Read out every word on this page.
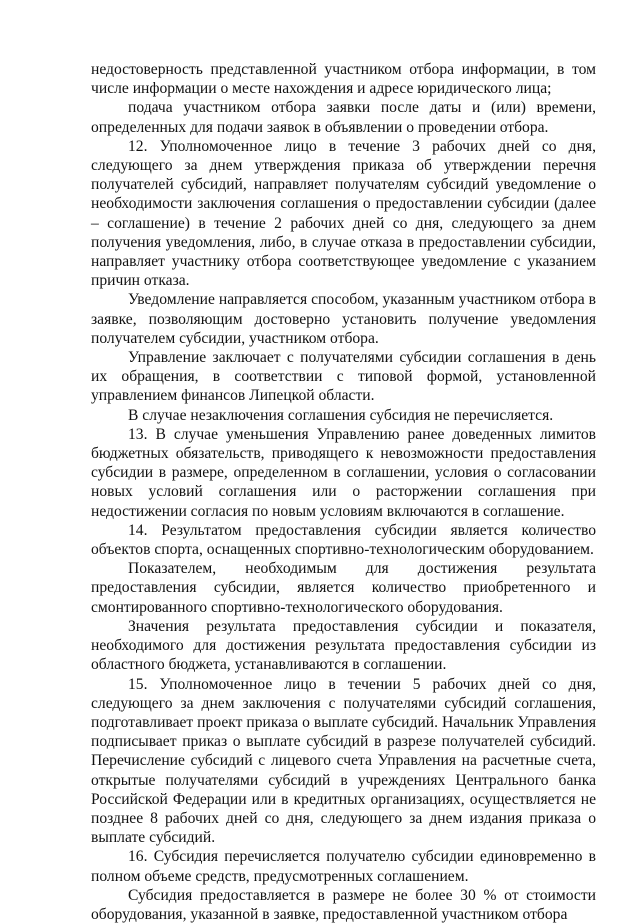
недостоверность представленной участником отбора информации, в том числе информации о месте нахождения и адресе юридического лица;

подача участником отбора заявки после даты и (или) времени, определенных для подачи заявок в объявлении о проведении отбора.

12. Уполномоченное лицо в течение 3 рабочих дней со дня, следующего за днем утверждения приказа об утверждении перечня получателей субсидий, направляет получателям субсидий уведомление о необходимости заключения соглашения о предоставлении субсидии (далее – соглашение) в течение 2 рабочих дней со дня, следующего за днем получения уведомления, либо, в случае отказа в предоставлении субсидии, направляет участнику отбора соответствующее уведомление с указанием причин отказа.

Уведомление направляется способом, указанным участником отбора в заявке, позволяющим достоверно установить получение уведомления получателем субсидии, участником отбора.

Управление заключает с получателями субсидии соглашения в день их обращения, в соответствии с типовой формой, установленной управлением финансов Липецкой области.

В случае незаключения соглашения субсидия не перечисляется.

13. В случае уменьшения Управлению ранее доведенных лимитов бюджетных обязательств, приводящего к невозможности предоставления субсидии в размере, определенном в соглашении, условия о согласовании новых условий соглашения или о расторжении соглашения при недостижении согласия по новым условиям включаются в соглашение.

14. Результатом предоставления субсидии является количество объектов спорта, оснащенных спортивно-технологическим оборудованием.

Показателем, необходимым для достижения результата предоставления субсидии, является количество приобретенного и смонтированного спортивно-технологического оборудования.

Значения результата предоставления субсидии и показателя, необходимого для достижения результата предоставления субсидии из областного бюджета, устанавливаются в соглашении.

15. Уполномоченное лицо в течении 5 рабочих дней со дня, следующего за днем заключения с получателями субсидий соглашения, подготавливает проект приказа о выплате субсидий. Начальник Управления подписывает приказ о выплате субсидий в разрезе получателей субсидий. Перечисление субсидий с лицевого счета Управления на расчетные счета, открытые получателями субсидий в учреждениях Центрального банка Российской Федерации или в кредитных организациях, осуществляется не позднее 8 рабочих дней со дня, следующего за днем издания приказа о выплате субсидий.

16. Субсидия перечисляется получателю субсидии единовременно в полном объеме средств, предусмотренных соглашением.

Субсидия предоставляется в размере не более 30 % от стоимости оборудования, указанной в заявке, предоставленной участником отбора
